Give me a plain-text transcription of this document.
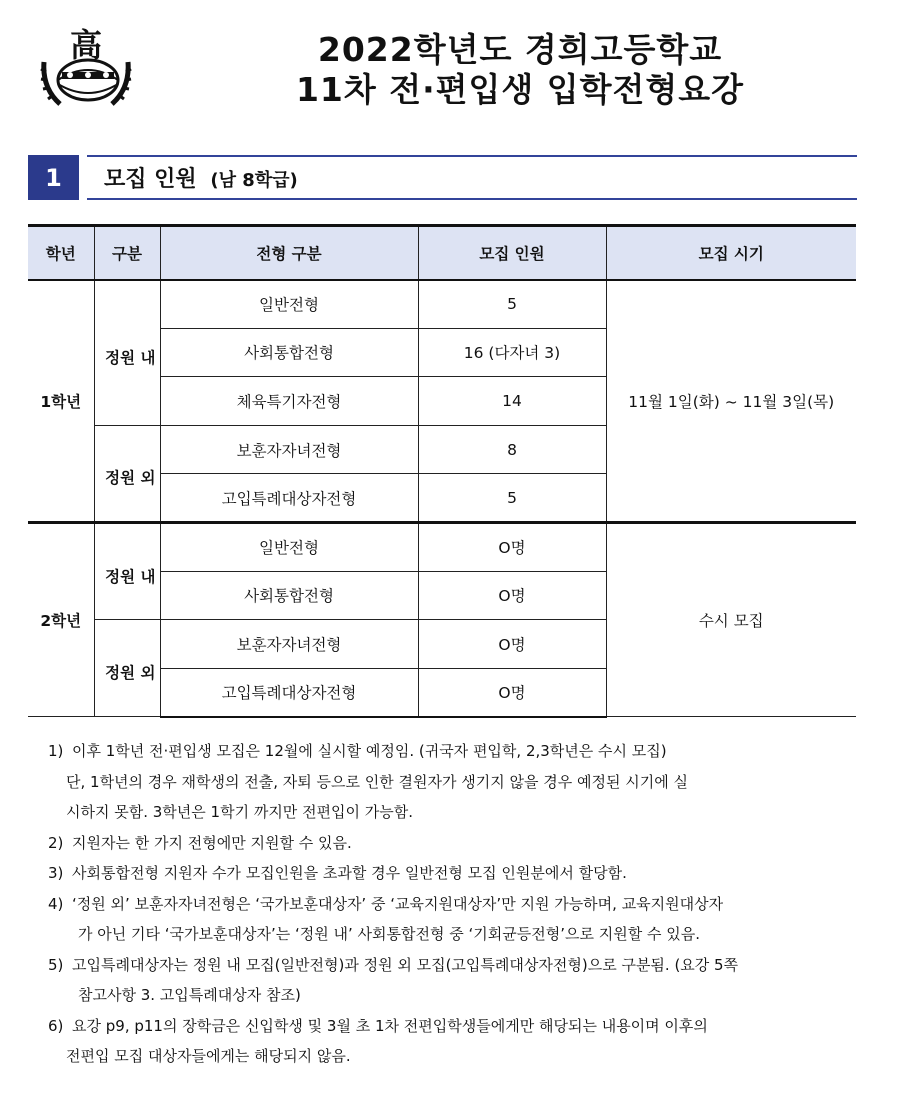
高	2022학년도 경희고등학교
11차 전·편입생 입학전형요강
1	모집 인원 (남 8학급)
학년	구분	전형 구분	모집 인원	모집 시기
1학년	정원 내	일반전형	5	11월 1일(화) ~ 11월 3일(목)
		사회통합전형	16 (다자녀 3)	
		체육특기자전형	14	

	정원 외	보훈자자녀전형	8	
		고입특례대상자전형	5	
2학년	정원 내	일반전형	O명	수시 모집
		사회통합전형	O명	

	정원 외	보훈자자녀전형	O명	
		고입특례대상자전형	O명	
1) 이후 1학년 전·편입생 모집은 12월에 실시할 예정임. (귀국자 편입학, 2,3학년은 수시 모집)
단, 1학년의 경우 재학생의 전출, 자퇴 등으로 인한 결원자가 생기지 않을 경우 예정된 시기에 실
시하지 못함. 3학년은 1학기 까지만 전편입이 가능함.
2) 지원자는 한 가지 전형에만 지원할 수 있음.
3) 사회통합전형 지원자 수가 모집인원을 초과할 경우 일반전형 모집 인원분에서 할당함.
4) ‘정원 외’ 보훈자자녀전형은 ‘국가보훈대상자’ 중 ‘교육지원대상자’만 지원 가능하며, 교육지원대상자
가 아닌 기타 ‘국가보훈대상자’는 ‘정원 내’ 사회통합전형 중 ‘기회균등전형’으로 지원할 수 있음.
5) 고입특례대상자는 정원 내 모집(일반전형)과 정원 외 모집(고입특례대상자전형)으로 구분됨. (요강 5쪽
참고사항 3. 고입특례대상자 참조)
6) 요강 p9, p11의 장학금은 신입학생 및 3월 초 1차 전편입학생들에게만 해당되는 내용이며 이후의
전편입 모집 대상자들에게는 해당되지 않음.
